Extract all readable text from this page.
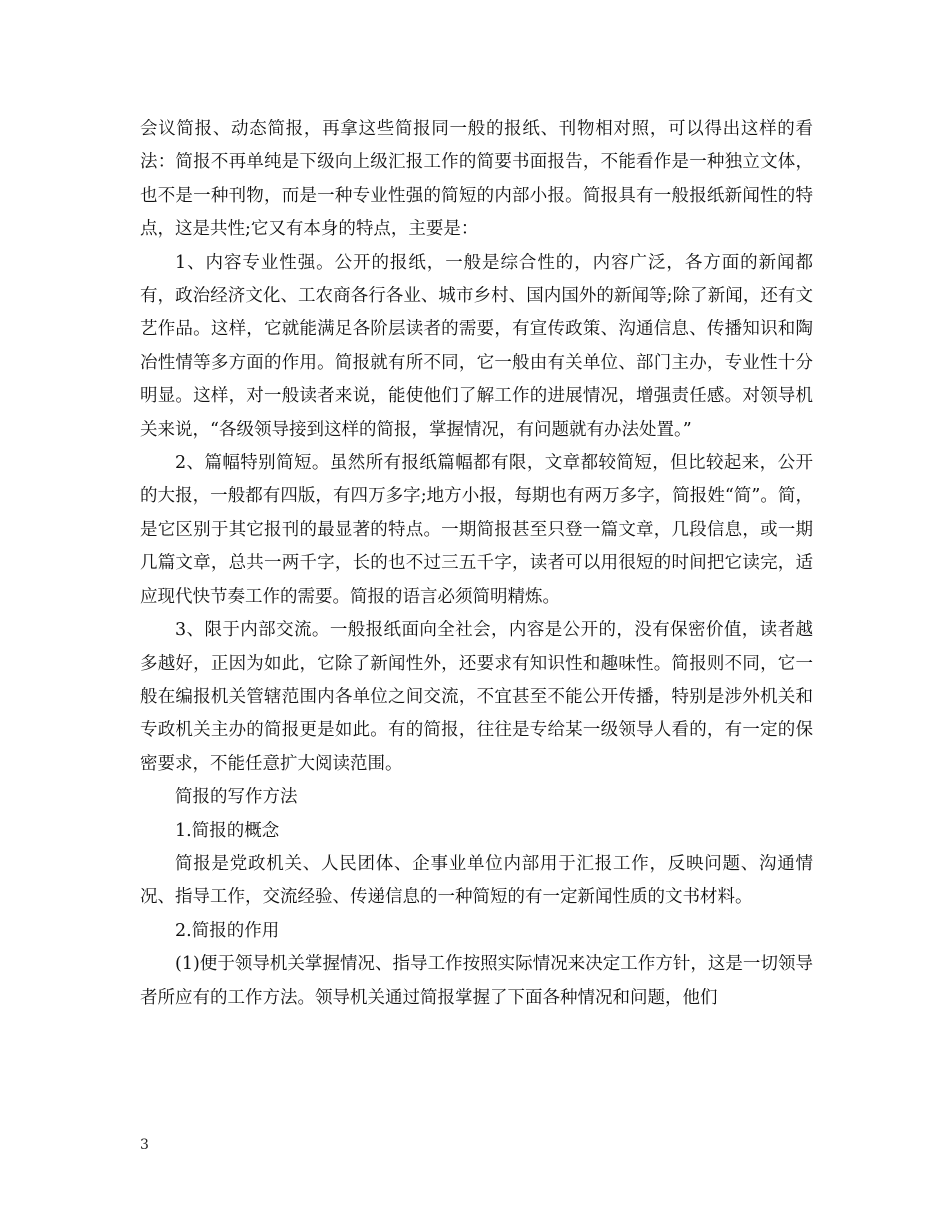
会议简报、动态简报，再拿这些简报同一般的报纸、刊物相对照，可以得出这样的看法：简报不再单纯是下级向上级汇报工作的简要书面报告，不能看作是一种独立文体，也不是一种刊物，而是一种专业性强的简短的内部小报。简报具有一般报纸新闻性的特点，这是共性;它又有本身的特点，主要是：

1、内容专业性强。公开的报纸，一般是综合性的，内容广泛，各方面的新闻都有，政治经济文化、工农商各行各业、城市乡村、国内国外的新闻等;除了新闻，还有文艺作品。这样，它就能满足各阶层读者的需要，有宣传政策、沟通信息、传播知识和陶冶性情等多方面的作用。简报就有所不同，它一般由有关单位、部门主办，专业性十分明显。这样，对一般读者来说，能使他们了解工作的进展情况，增强责任感。对领导机关来说，“各级领导接到这样的简报，掌握情况，有问题就有办法处置。”

2、篇幅特别简短。虽然所有报纸篇幅都有限，文章都较简短，但比较起来，公开的大报，一般都有四版，有四万多字;地方小报，每期也有两万多字，简报姓“简”。简，是它区别于其它报刊的最显著的特点。一期简报甚至只登一篇文章，几段信息，或一期几篇文章，总共一两千字，长的也不过三五千字，读者可以用很短的时间把它读完，适应现代快节奏工作的需要。简报的语言必须简明精炼。

3、限于内部交流。一般报纸面向全社会，内容是公开的，没有保密价值，读者越多越好，正因为如此，它除了新闻性外，还要求有知识性和趣味性。简报则不同，它一般在编报机关管辖范围内各单位之间交流，不宜甚至不能公开传播，特别是涉外机关和专政机关主办的简报更是如此。有的简报，往往是专给某一级领导人看的，有一定的保密要求，不能任意扩大阅读范围。

简报的写作方法

1.简报的概念

简报是党政机关、人民团体、企事业单位内部用于汇报工作，反映问题、沟通情况、指导工作，交流经验、传递信息的一种简短的有一定新闻性质的文书材料。

2.简报的作用

(1)便于领导机关掌握情况、指导工作按照实际情况来决定工作方针，这是一切领导者所应有的工作方法。领导机关通过简报掌握了下面各种情况和问题，他们

3
